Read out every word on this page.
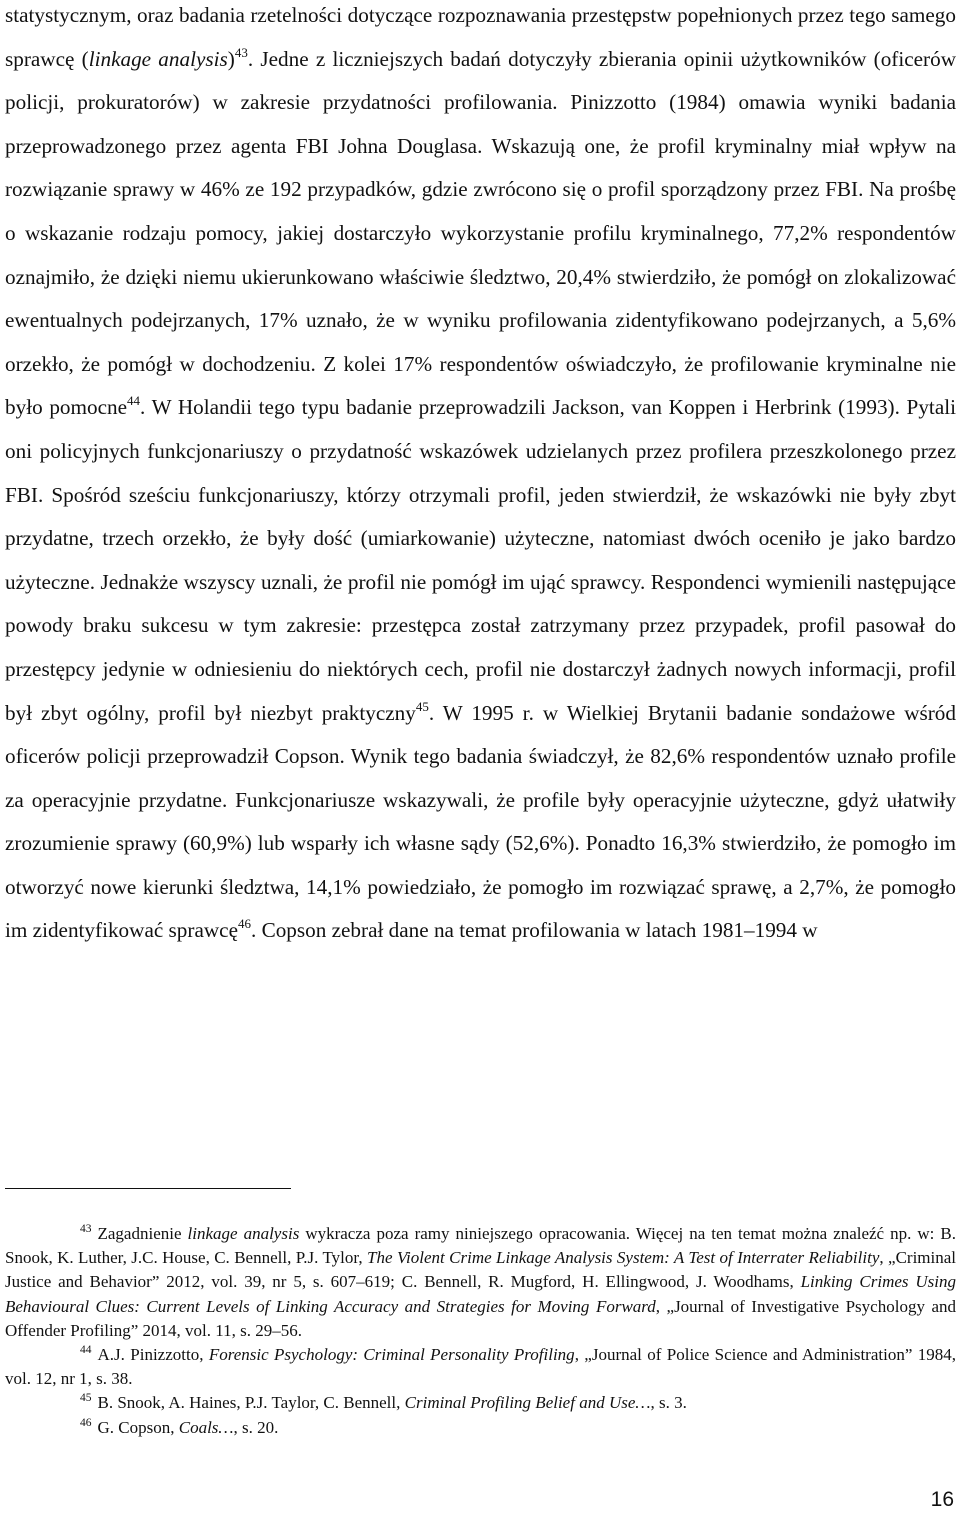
statystycznym, oraz badania rzetelności dotyczące rozpoznawania przestępstw popełnionych przez tego samego sprawcę (linkage analysis)$^{43}$. Jedne z liczniejszych badań dotyczyły zbierania opinii użytkowników (oficerów policji, prokuratorów) w zakresie przydatności profilowania. Pinizzotto (1984) omawia wyniki badania przeprowadzonego przez agenta FBI Johna Douglasa. Wskazują one, że profil kryminalny miał wpływ na rozwiązanie sprawy w 46% ze 192 przypadków, gdzie zwrócono się o profil sporządzony przez FBI. Na prośbę o wskazanie rodzaju pomocy, jakiej dostarczyło wykorzystanie profilu kryminalnego, 77,2% respondentów oznajmiło, że dzięki niemu ukierunkowano właściwie śledztwo, 20,4% stwierdziło, że pomógł on zlokalizować ewentualnych podejrzanych, 17% uznało, że w wyniku profilowania zidentyfikowano podejrzanych, a 5,6% orzekło, że pomógł w dochodzeniu. Z kolei 17% respondentów oświadczyło, że profilowanie kryminalne nie było pomocne$^{44}$. W Holandii tego typu badanie przeprowadzili Jackson, van Koppen i Herbrink (1993). Pytali oni policyjnych funkcjonariuszy o przydatność wskazówek udzielanych przez profilera przeszkolonego przez FBI. Spośród sześciu funkcjonariuszy, którzy otrzymali profil, jeden stwierdził, że wskazówki nie były zbyt przydatne, trzech orzekło, że były dość (umiarkowanie) użyteczne, natomiast dwóch oceniło je jako bardzo użyteczne. Jednakże wszyscy uznali, że profil nie pomógł im ująć sprawcy. Respondenci wymienili następujące powody braku sukcesu w tym zakresie: przestępca został zatrzymany przez przypadek, profil pasował do przestępcy jedynie w odniesieniu do niektórych cech, profil nie dostarczył żadnych nowych informacji, profil był zbyt ogólny, profil był niezbyt praktyczny$^{45}$. W 1995 r. w Wielkiej Brytanii badanie sondażowe wśród oficerów policji przeprowadził Copson. Wynik tego badania świadczył, że 82,6% respondentów uznało profile za operacyjnie przydatne. Funkcjonariusze wskazywali, że profile były operacyjnie użyteczne, gdyż ułatwiły zrozumienie sprawy (60,9%) lub wsparły ich własne sądy (52,6%). Ponadto 16,3% stwierdziło, że pomogło im otworzyć nowe kierunki śledztwa, 14,1% powiedziało, że pomogło im rozwiązać sprawę, a 2,7%, że pomogło im zidentyfikować sprawcę$^{46}$. Copson zebrał dane na temat profilowania w latach 1981–1994 w

$^{43}$ Zagadnienie linkage analysis wykracza poza ramy niniejszego opracowania. Więcej na ten temat można znaleźć np. w: B. Snook, K. Luther, J.C. House, C. Bennell, P.J. Tylor, The Violent Crime Linkage Analysis System: A Test of Interrater Reliability, „Criminal Justice and Behavior” 2012, vol. 39, nr 5, s. 607–619; C. Bennell, R. Mugford, H. Ellingwood, J. Woodhams, Linking Crimes Using Behavioural Clues: Current Levels of Linking Accuracy and Strategies for Moving Forward, „Journal of Investigative Psychology and Offender Profiling” 2014, vol. 11, s. 29–56.

$^{44}$ A.J. Pinizzotto, Forensic Psychology: Criminal Personality Profiling, „Journal of Police Science and Administration” 1984, vol. 12, nr 1, s. 38.

$^{45}$ B. Snook, A. Haines, P.J. Taylor, C. Bennell, Criminal Profiling Belief and Use…, s. 3.

$^{46}$ G. Copson, Coals…, s. 20.

16
